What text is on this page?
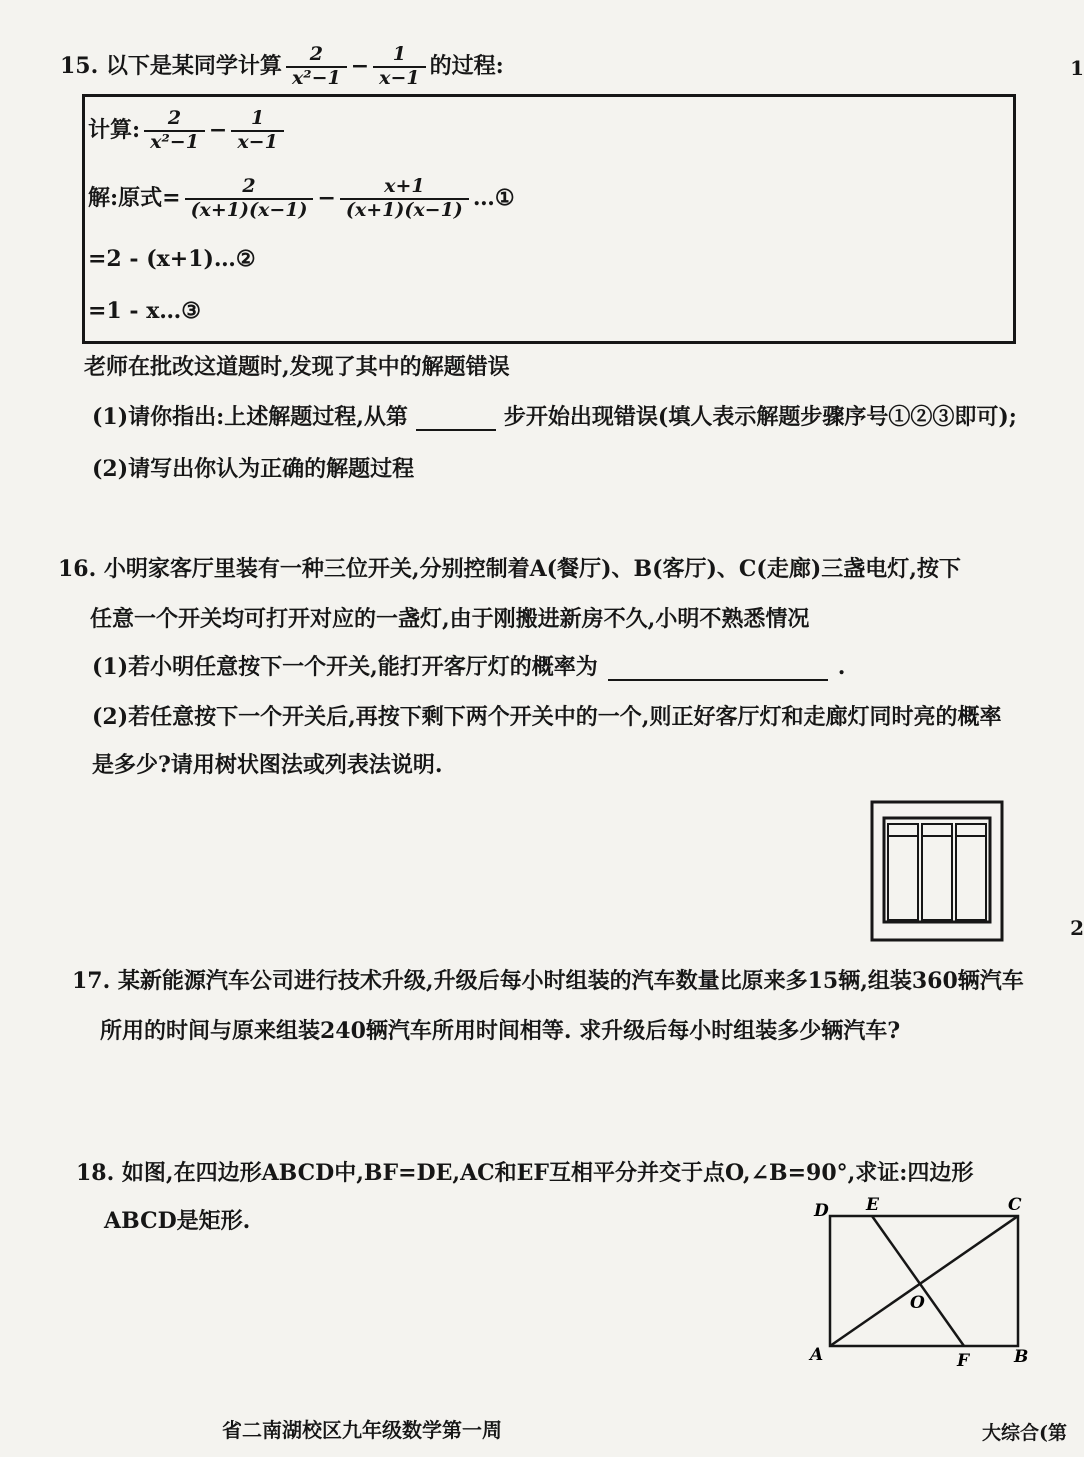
15. 以下是某同学计算 $\frac{2}{\text{x²−1}} - \frac{1}{x-1}$ 的过程:
计算: $\frac{2}{\text{x²−1}} - \frac{1}{x-1}$
解:原式= $\frac{2}{(x+1)(x-1)} - \frac{x+1}{(x+1)(x-1)}$ …①
=2 - (x+1)…②
=1 - x…③
老师在批改这道题时,发现了其中的解题错误
(1)请你指出:上述解题过程,从第	步开始出现错误(填人表示解题步骤序号①②③即可);
(2)请写出你认为正确的解题过程
16. 小明家客厅里装有一种三位开关,分别控制着A(餐厅)、B(客厅)、C(走廊)三盏电灯,按下
任意一个开关均可打开对应的一盏灯,由于刚搬进新房不久,小明不熟悉情况
(1)若小明任意按下一个开关,能打开客厅灯的概率为	.
(2)若任意按下一个开关后,再按下剩下两个开关中的一个,则正好客厅灯和走廊灯同时亮的概率
是多少?请用树状图法或列表法说明.
17. 某新能源汽车公司进行技术升级,升级后每小时组装的汽车数量比原来多15辆,组装360辆汽车
所用的时间与原来组装240辆汽车所用时间相等. 求升级后每小时组装多少辆汽车?
18. 如图,在四边形ABCD中,BF=DE,AC和EF互相平分并交于点O,∠B=90°,求证:四边形
ABCD是矩形.	D E	C
O
A	F	B
1
2
省二南湖校区九年级数学第一周	大综合(第
